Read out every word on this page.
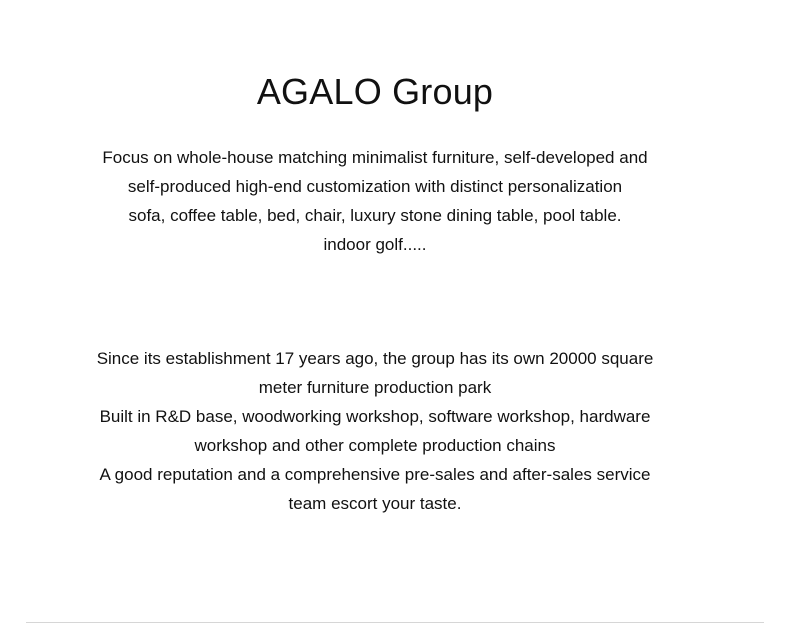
AGALO Group
Focus on whole-house matching minimalist furniture, self-developed and
self-produced high-end customization with distinct personalization
sofa, coffee table, bed, chair, luxury stone dining table, pool table.
indoor golf.....
Since its establishment 17 years ago, the group has its own 20000 square
meter furniture production park
Built in R&D base, woodworking workshop, software workshop, hardware
workshop and other complete production chains
A good reputation and a comprehensive pre-sales and after-sales service
team escort your taste.
